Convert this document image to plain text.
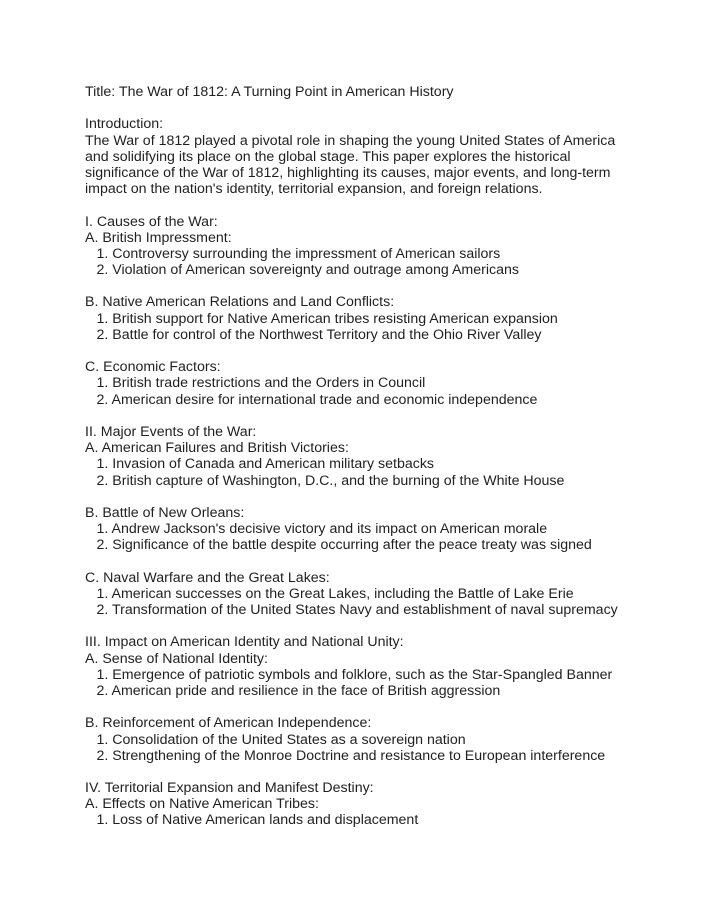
Title: The War of 1812: A Turning Point in American History
Introduction:
The War of 1812 played a pivotal role in shaping the young United States of America
and solidifying its place on the global stage. This paper explores the historical
significance of the War of 1812, highlighting its causes, major events, and long-term
impact on the nation's identity, territorial expansion, and foreign relations.
I. Causes of the War:
A. British Impressment:
1. Controversy surrounding the impressment of American sailors
2. Violation of American sovereignty and outrage among Americans
B. Native American Relations and Land Conflicts:
1. British support for Native American tribes resisting American expansion
2. Battle for control of the Northwest Territory and the Ohio River Valley
C. Economic Factors:
1. British trade restrictions and the Orders in Council
2. American desire for international trade and economic independence
II. Major Events of the War:
A. American Failures and British Victories:
1. Invasion of Canada and American military setbacks
2. British capture of Washington, D.C., and the burning of the White House
B. Battle of New Orleans:
1. Andrew Jackson's decisive victory and its impact on American morale
2. Significance of the battle despite occurring after the peace treaty was signed
C. Naval Warfare and the Great Lakes:
1. American successes on the Great Lakes, including the Battle of Lake Erie
2. Transformation of the United States Navy and establishment of naval supremacy
III. Impact on American Identity and National Unity:
A. Sense of National Identity:
1. Emergence of patriotic symbols and folklore, such as the Star-Spangled Banner
2. American pride and resilience in the face of British aggression
B. Reinforcement of American Independence:
1. Consolidation of the United States as a sovereign nation
2. Strengthening of the Monroe Doctrine and resistance to European interference
IV. Territorial Expansion and Manifest Destiny:
A. Effects on Native American Tribes:
1. Loss of Native American lands and displacement
